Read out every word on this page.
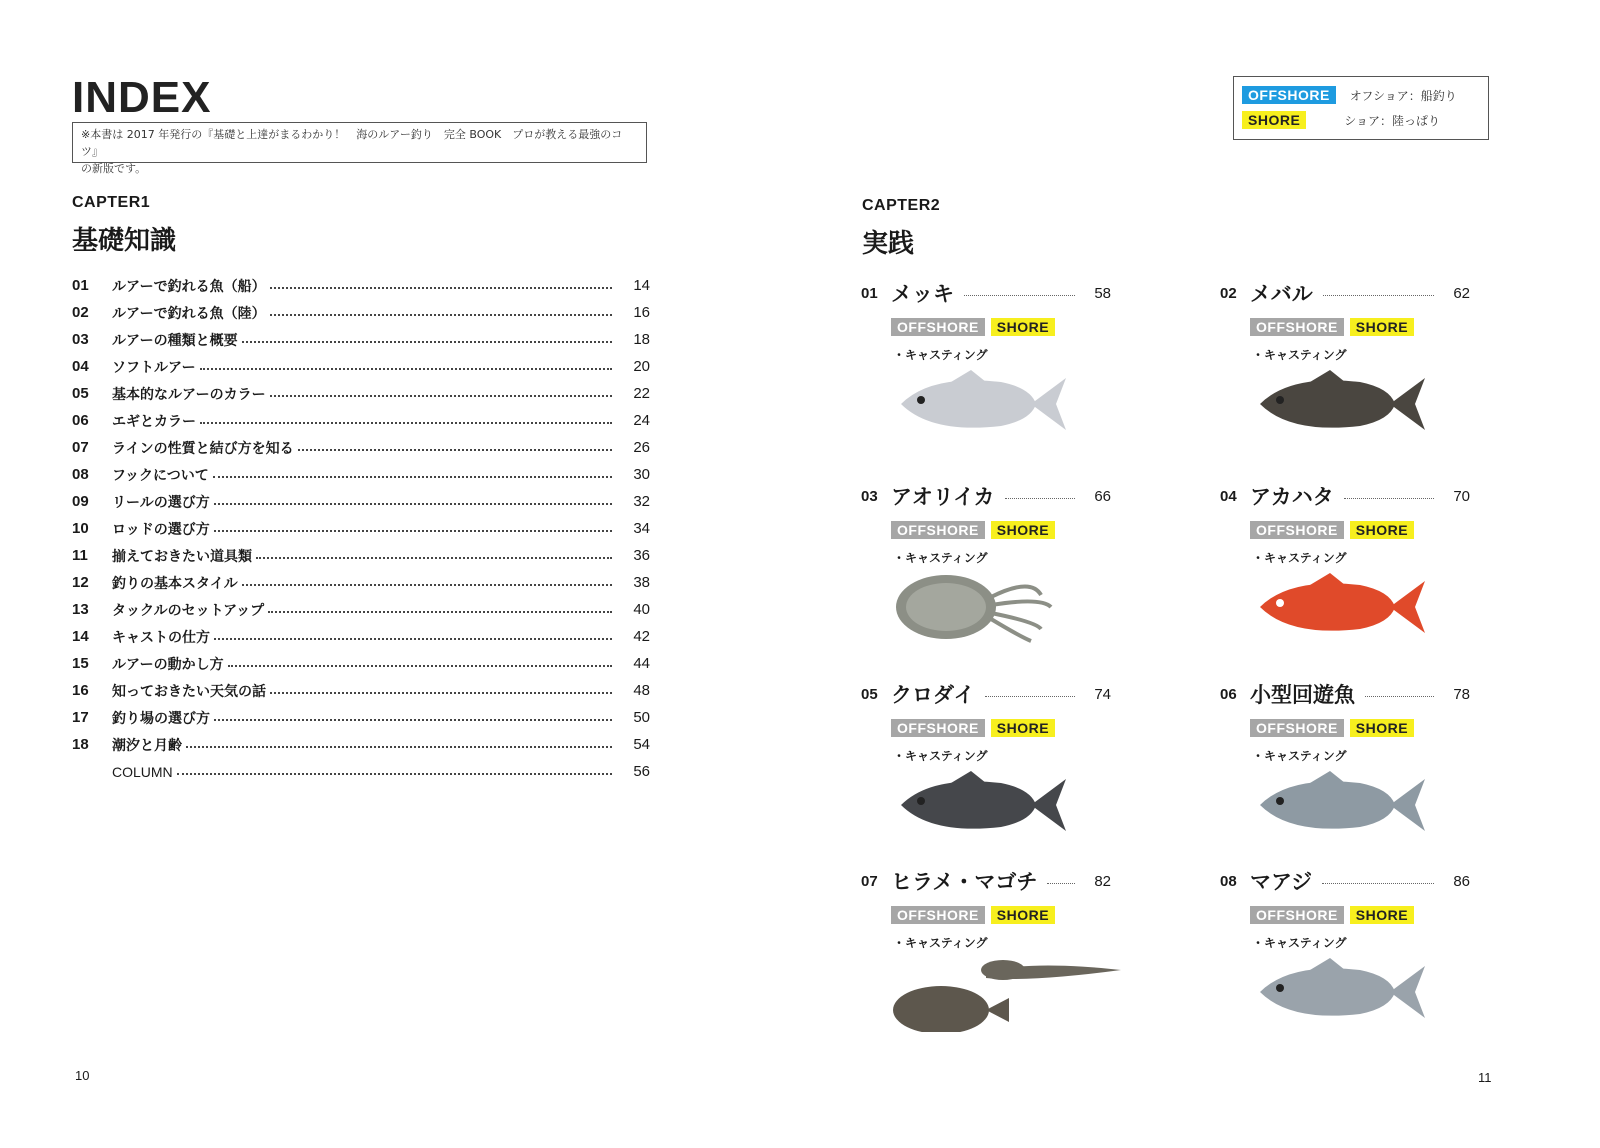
INDEX
※本書は 2017 年発行の『基礎と上達がまるわかり！　海のルアー釣り　完全 BOOK　プロが教える最強のコツ』
の新版です。
CAPTER1
基礎知識
01	ルアーで釣れる魚（船）	14
02	ルアーで釣れる魚（陸）	16
03	ルアーの種類と概要	18
04	ソフトルアー	20
05	基本的なルアーのカラー	22
06	エギとカラー	24
07	ラインの性質と結び方を知る	26
08	フックについて	30
09	リールの選び方	32
10	ロッドの選び方	34
11	揃えておきたい道具類	36
12	釣りの基本スタイル	38
13	タックルのセットアップ	40
14	キャストの仕方	42
15	ルアーの動かし方	44
16	知っておきたい天気の話	48
17	釣り場の選び方	50
18	潮汐と月齢	54
COLUMN	56
10
OFFSHORE	オフショア：船釣り
SHORE	ショア：陸っぱり
CAPTER2
実践
01 メッキ	58
OFFSHORE	SHORE
・キャスティング
02 メバル	62
OFFSHORE	SHORE
・キャスティング
03 アオリイカ	66
OFFSHORE	SHORE
・キャスティング
04 アカハタ	70
OFFSHORE	SHORE
・キャスティング
05 クロダイ	74
OFFSHORE	SHORE
・キャスティング
06 小型回遊魚	78
OFFSHORE	SHORE
・キャスティング
07 ヒラメ・マゴチ	82
OFFSHORE	SHORE
・キャスティング
08 マアジ	86
OFFSHORE	SHORE
・キャスティング
11
